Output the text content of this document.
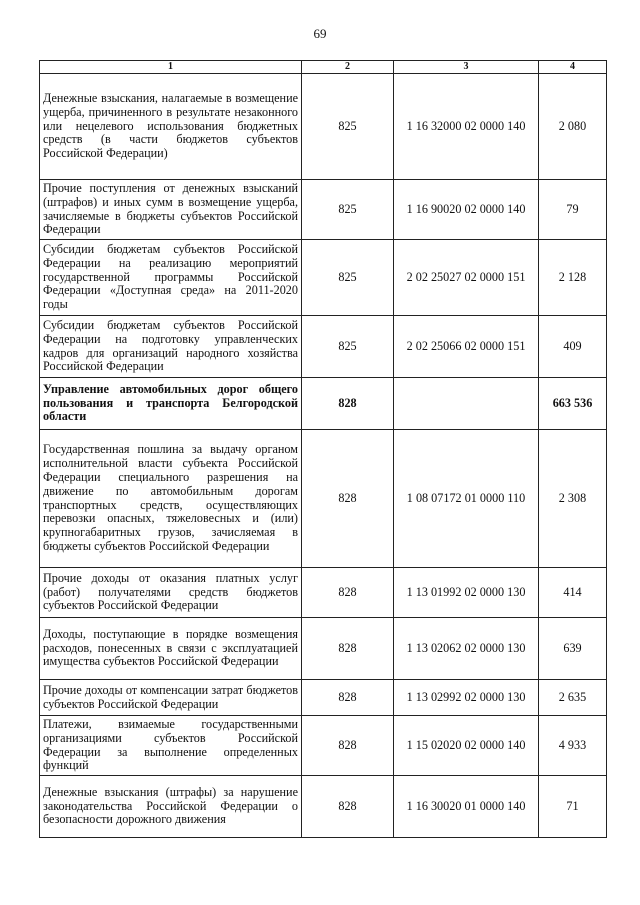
69
1	2	3	4
Денежные взыскания, налагаемые в возмещение ущерба, причиненного в результате незаконного или нецелевого использования бюджетных средств (в части бюджетов субъектов Российской Федерации)	825	1 16 32000 02 0000 140	2 080
Прочие поступления от денежных взысканий (штрафов) и иных сумм в возмещение ущерба, зачисляемые в бюджеты субъектов Российской Федерации	825	1 16 90020 02 0000 140	79
Субсидии бюджетам субъектов Российской Федерации на реализацию мероприятий государственной программы Российской Федерации «Доступная среда» на 2011-2020 годы	825	2 02 25027 02 0000 151	2 128
Субсидии бюджетам субъектов Российской Федерации на подготовку управленческих кадров для организаций народного хозяйства Российской Федерации	825	2 02 25066 02 0000 151	409
Управление автомобильных дорог общего пользования и транспорта Белгородской области	828		663 536
Государственная пошлина за выдачу органом исполнительной власти субъекта Российской Федерации специального разрешения на движение по автомобильным дорогам транспортных средств, осуществляющих перевозки опасных, тяжеловесных и (или) крупногабаритных грузов, зачисляемая в бюджеты субъектов Российской Федерации	828	1 08 07172 01 0000 110	2 308
Прочие доходы от оказания платных услуг (работ) получателями средств бюджетов субъектов Российской Федерации	828	1 13 01992 02 0000 130	414
Доходы, поступающие в порядке возмещения расходов, понесенных в связи с эксплуатацией имущества субъектов Российской Федерации	828	1 13 02062 02 0000 130	639
Прочие доходы от компенсации затрат бюджетов субъектов Российской Федерации	828	1 13 02992 02 0000 130	2 635
Платежи, взимаемые государственными организациями субъектов Российской Федерации за выполнение определенных функций	828	1 15 02020 02 0000 140	4 933
Денежные взыскания (штрафы) за нарушение законодательства Российской Федерации о безопасности дорожного движения	828	1 16 30020 01 0000 140	71
